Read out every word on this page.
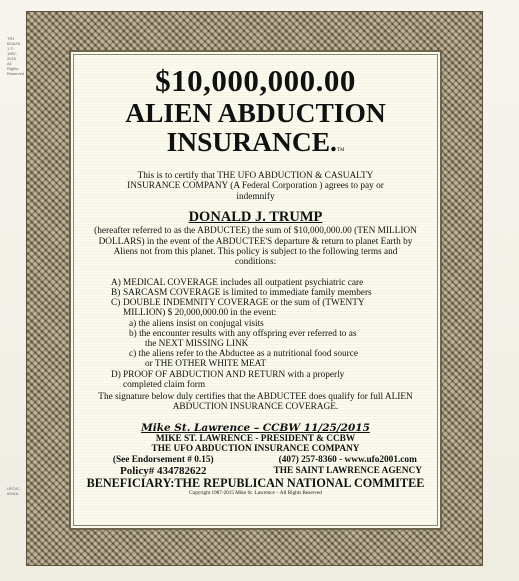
TR1 BOAFA 1 © 1987-2015 All Rights Reserved
UFOIC-0001A
$10,000,000.00
ALIEN ABDUCTION
INSURANCE.TM
This is to certify that THE UFO ABDUCTION & CASUALTY INSURANCE COMPANY (A Federal Corporation ) agrees to pay or indemnify
DONALD J. TRUMP
(hereafter referred to as the ABDUCTEE) the sum of $10,000,000.00 (TEN MILLION DOLLARS) in the event of the ABDUCTEE'S departure & return to planet Earth by Aliens not from this planet. This policy is subject to the following terms and conditions:
A) MEDICAL COVERAGE includes all outpatient psychiatric care
B) SARCASM COVERAGE is limited to immediate family members
C) DOUBLE INDEMNITY COVERAGE or the sum of (TWENTY
MILLION) $ 20,000,000.00 in the event:
a) the aliens insist on conjugal visits
b) the encounter results with any offspring ever referred to as
the NEXT MISSING LINK
c) the aliens refer to the Abductee as a nutritional food source
or THE OTHER WHITE MEAT
D) PROOF OF ABDUCTION AND RETURN with a properly
completed claim form
The signature below duly certifies that the ABDUCTEE does qualify for full ALIEN ABDUCTION INSURANCE COVERAGE.
Mike St. Lawrence – CCBW 11/25/2015
MIKE ST. LAWRENCE - PRESIDENT & CCBW
THE UFO ABDUCTION INSURANCE COMPANY
(See Endorsement # 0.15)	(407) 257-8360 - www.ufo2001.com
Policy# 434782622	THE SAINT LAWRENCE AGENCY
BENEFICIARY:THE REPUBLICAN NATIONAL COMMITEE
Copyright 1987-2015 Mike St. Lawrence – All Rights Reserved
